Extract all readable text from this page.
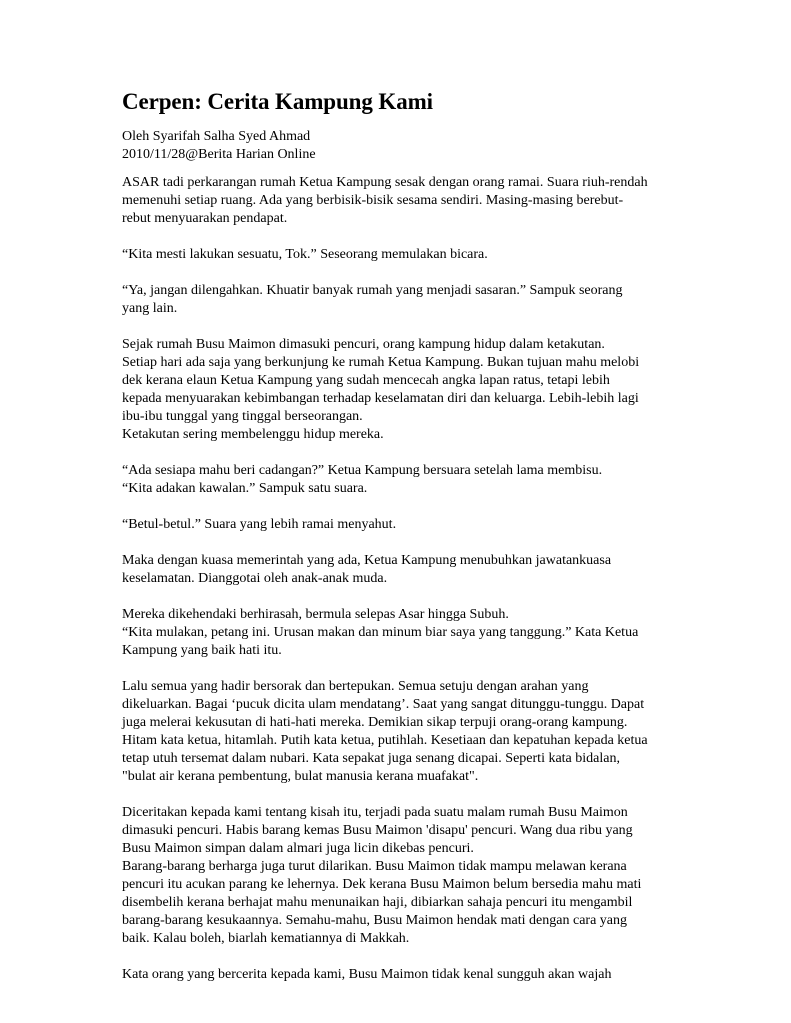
Cerpen: Cerita Kampung Kami
Oleh Syarifah Salha Syed Ahmad
2010/11/28@Berita Harian Online
ASAR tadi perkarangan rumah Ketua Kampung sesak dengan orang ramai. Suara riuh-rendah
memenuhi setiap ruang. Ada yang berbisik-bisik sesama sendiri. Masing-masing berebut-
rebut menyuarakan pendapat.
“Kita mesti lakukan sesuatu, Tok.” Seseorang memulakan bicara.
“Ya, jangan dilengahkan. Khuatir banyak rumah yang menjadi sasaran.” Sampuk seorang
yang lain.
Sejak rumah Busu Maimon dimasuki pencuri, orang kampung hidup dalam ketakutan.
Setiap hari ada saja yang berkunjung ke rumah Ketua Kampung. Bukan tujuan mahu melobi
dek kerana elaun Ketua Kampung yang sudah mencecah angka lapan ratus, tetapi lebih
kepada menyuarakan kebimbangan terhadap keselamatan diri dan keluarga. Lebih-lebih lagi
ibu-ibu tunggal yang tinggal berseorangan.
Ketakutan sering membelenggu hidup mereka.
“Ada sesiapa mahu beri cadangan?” Ketua Kampung bersuara setelah lama membisu.
“Kita adakan kawalan.” Sampuk satu suara.
“Betul-betul.” Suara yang lebih ramai menyahut.
Maka dengan kuasa memerintah yang ada, Ketua Kampung menubuhkan jawatankuasa
keselamatan. Dianggotai oleh anak-anak muda.
Mereka dikehendaki berhirasah, bermula selepas Asar hingga Subuh.
“Kita mulakan, petang ini. Urusan makan dan minum biar saya yang tanggung.” Kata Ketua
Kampung yang baik hati itu.
Lalu semua yang hadir bersorak dan bertepukan. Semua setuju dengan arahan yang
dikeluarkan. Bagai ‘pucuk dicita ulam mendatang’. Saat yang sangat ditunggu-tunggu. Dapat
juga melerai kekusutan di hati-hati mereka. Demikian sikap terpuji orang-orang kampung.
Hitam kata ketua, hitamlah. Putih kata ketua, putihlah. Kesetiaan dan kepatuhan kepada ketua
tetap utuh tersemat dalam nubari. Kata sepakat juga senang dicapai. Seperti kata bidalan,
"bulat air kerana pembentung, bulat manusia kerana muafakat".
Diceritakan kepada kami tentang kisah itu, terjadi pada suatu malam rumah Busu Maimon
dimasuki pencuri. Habis barang kemas Busu Maimon 'disapu' pencuri. Wang dua ribu yang
Busu Maimon simpan dalam almari juga licin dikebas pencuri.
Barang-barang berharga juga turut dilarikan. Busu Maimon tidak mampu melawan kerana
pencuri itu acukan parang ke lehernya. Dek kerana Busu Maimon belum bersedia mahu mati
disembelih kerana berhajat mahu menunaikan haji, dibiarkan sahaja pencuri itu mengambil
barang-barang kesukaannya. Semahu-mahu, Busu Maimon hendak mati dengan cara yang
baik. Kalau boleh, biarlah kematiannya di Makkah.
Kata orang yang bercerita kepada kami, Busu Maimon tidak kenal sungguh akan wajah
